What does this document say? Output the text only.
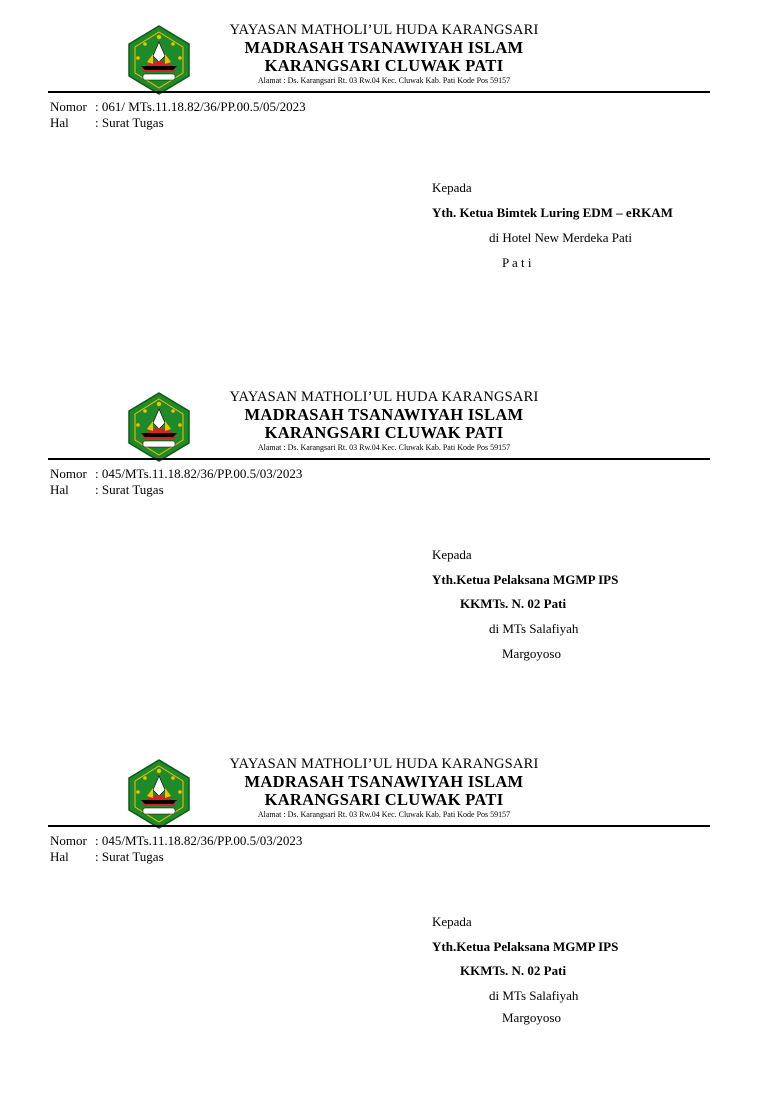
YAYASAN MATHOLI’UL HUDA KARANGSARI
MADRASAH TSANAWIYAH ISLAM
KARANGSARI CLUWAK PATI
Alamat : Ds. Karangsari Rt. 03 Rw.04 Kec. Cluwak Kab. Pati Kode Pos 59157
Nomor : 061/ MTs.11.18.82/36/PP.00.5/05/2023
Hal : Surat Tugas
Kepada
Yth. Ketua Bimtek Luring EDM – eRKAM
di Hotel New Merdeka Pati
P a t i
YAYASAN MATHOLI’UL HUDA KARANGSARI
MADRASAH TSANAWIYAH ISLAM
KARANGSARI CLUWAK PATI
Alamat : Ds. Karangsari Rt. 03 Rw.04 Kec. Cluwak Kab. Pati Kode Pos 59157
Nomor : 045/MTs.11.18.82/36/PP.00.5/03/2023
Hal : Surat Tugas
Kepada
Yth.Ketua Pelaksana MGMP IPS
KKMTs. N. 02 Pati
di MTs Salafiyah
Margoyoso
YAYASAN MATHOLI’UL HUDA KARANGSARI
MADRASAH TSANAWIYAH ISLAM
KARANGSARI CLUWAK PATI
Alamat : Ds. Karangsari Rt. 03 Rw.04 Kec. Cluwak Kab. Pati Kode Pos 59157
Nomor : 045/MTs.11.18.82/36/PP.00.5/03/2023
Hal : Surat Tugas
Kepada
Yth.Ketua Pelaksana MGMP IPS
KKMTs. N. 02 Pati
di MTs Salafiyah
Margoyoso
